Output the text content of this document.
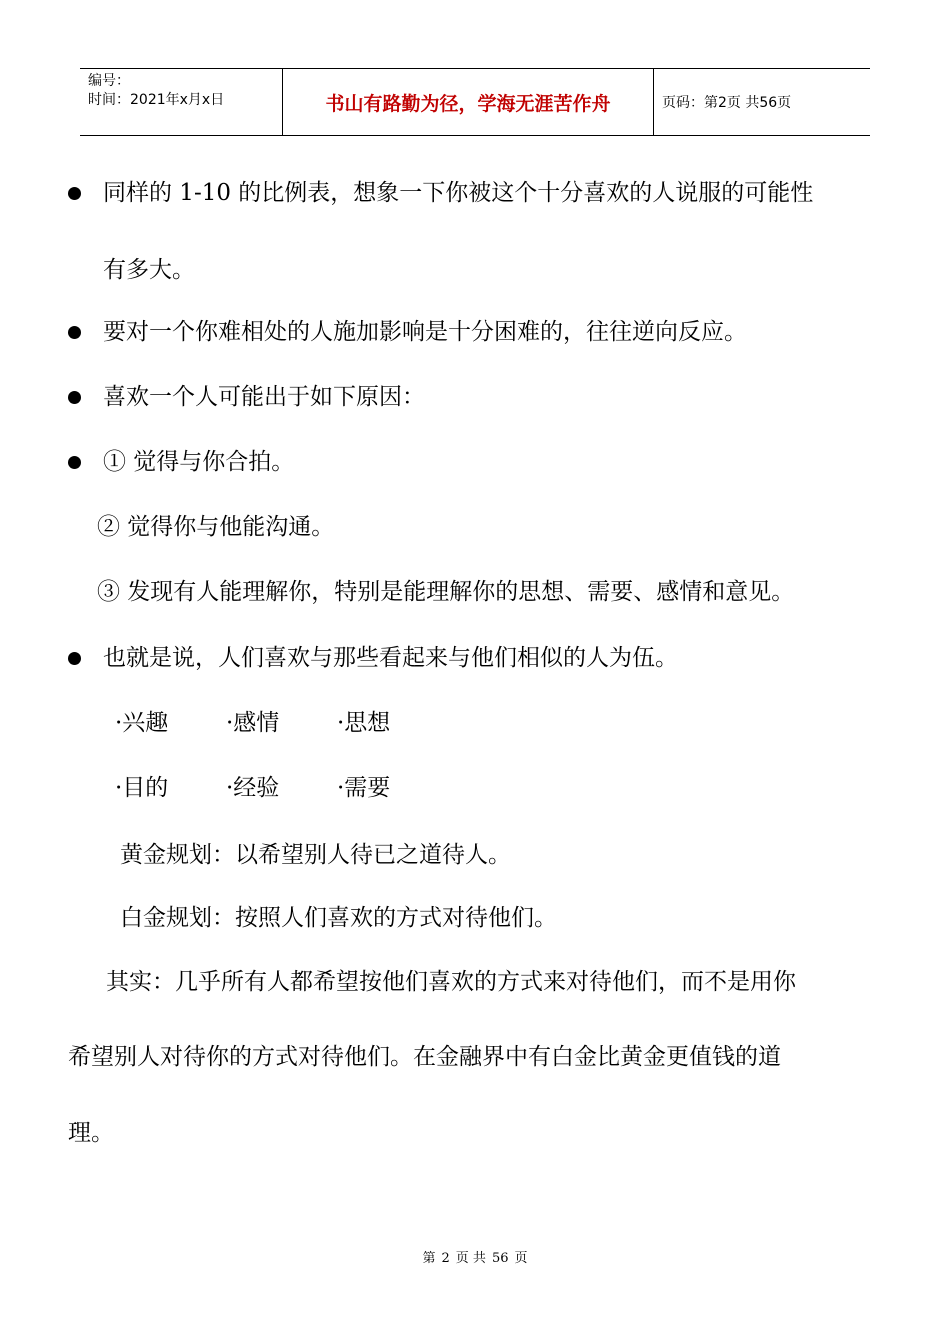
编号：
时间：2021年x月x日	书山有路勤为径，学海无涯苦作舟	页码：第2页 共56页
同样的 1-10 的比例表，想象一下你被这个十分喜欢的人说服的可能性
有多大。
要对一个你难相处的人施加影响是十分困难的，往往逆向反应。
喜欢一个人可能出于如下原因：
① 觉得与你合拍。
② 觉得你与他能沟通。
③ 发现有人能理解你，特别是能理解你的思想、需要、感情和意见。
也就是说，人们喜欢与那些看起来与他们相似的人为伍。
·兴趣	·感情	·思想
·目的	·经验	·需要
黄金规划：以希望别人待已之道待人。
白金规划：按照人们喜欢的方式对待他们。
其实：几乎所有人都希望按他们喜欢的方式来对待他们，而不是用你
希望别人对待你的方式对待他们。在金融界中有白金比黄金更值钱的道
理。
第 2 页 共 56 页
